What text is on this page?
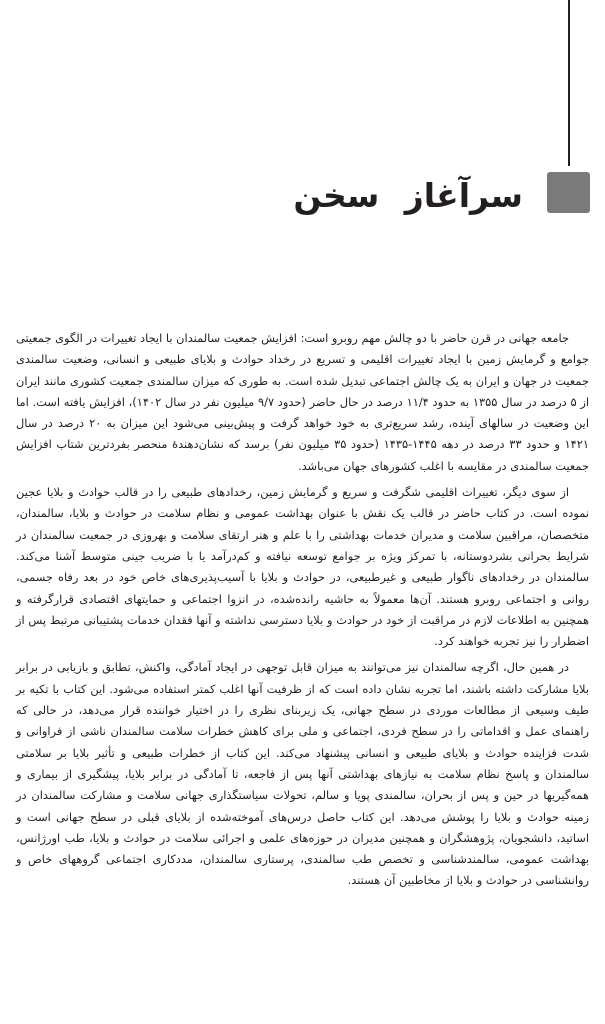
سرآغاز سخن

جامعه جهانی در قرن حاضر با دو چالش مهم روبرو است: افزایش جمعیت سالمندان با ایجاد تغییرات در الگوی جمعیتی جوامع و گرمایش زمین با ایجاد تغییرات اقلیمی و تسریع در رخداد حوادث و بلایای طبیعی و انسانی، وضعیت سالمندی جمعیت در جهان و ایران به یک چالش اجتماعی تبدیل شده است. به طوری که میزان سالمندی جمعیت کشوری مانند ایران از ۵ درصد در سال ۱۳۵۵ به حدود ۱۱/۴ درصد در حال حاضر (حدود ۹/۷ میلیون نفر در سال ۱۴۰۲)، افزایش یافته است. اما این وضعیت در سالهای آینده، رشد سریع‌تری به خود خواهد گرفت و پیش‌بینی می‌شود این میزان به ۲۰ درصد در سال ۱۴۲۱ و حدود ۳۳ درصد در دهه ۱۴۴۵-۱۴۳۵ (حدود ۳۵ میلیون نفر) برسد که نشان‌دهندهٔ منحصر بفردترین شتاب افزایش جمعیت سالمندی در مقایسه با اغلب کشورهای جهان می‌باشد.

از سوی دیگر، تغییرات اقلیمی شگرفت و سریع و گرمایش زمین، رخدادهای طبیعی را در قالب حوادث و بلایا عجین نموده است. در کتاب حاضر در قالب یک نقش با عنوان بهداشت عمومی و نظام سلامت در حوادث و بلایا، سالمندان، متخصصان، مراقبین سلامت و مدیران خدمات بهداشتی را با علم و هنر ارتقای سلامت و بهروزی در جمعیت سالمندان در شرایط بحرانی بشردوستانه، با تمرکز ویژه بر جوامع توسعه نیافته و کم‌درآمد یا با ضریب جینی متوسط آشنا می‌کند. سالمندان در رخدادهای ناگوار طبیعی و غیرطبیعی، در حوادث و بلایا با آسیب‌پذیری‌های خاص خود در بعد رفاه جسمی، روانی و اجتماعی روبرو هستند. آن‌ها معمولاً به حاشیه رانده‌شده، در انزوا اجتماعی و حمایتهای اقتصادی قرارگرفته و همچنین به اطلاعات لازم در مراقبت از خود در حوادث و بلایا دسترسی نداشته و آنها فقدان خدمات پشتیبانی مرتبط پس از اضطرار را نیز تجربه خواهند کرد.

در همین حال، اگرچه سالمندان نیز می‌توانند به میزان قابل توجهی در ایجاد آمادگی، واکنش، تطابق و بازیابی در برابر بلایا مشارکت داشته باشند، اما تجربه نشان داده است که از ظرفیت آنها اغلب کمتر استفاده می‌شود. این کتاب با تکیه بر طیف وسیعی از مطالعات موردی در سطح جهانی، یک زیربنای نظری را در اختیار خواننده قرار می‌دهد، در حالی که راهنمای عمل و اقداماتی را در سطح فردی، اجتماعی و ملی برای کاهش خطرات سلامت سالمندان ناشی از فراوانی و شدت فزاینده حوادث و بلایای طبیعی و انسانی پیشنهاد می‌کند. این کتاب از خطرات طبیعی و تأثیر بلایا بر سلامتی سالمندان و پاسخ نظام سلامت به نیازهای بهداشتی آنها پس از فاجعه، تا آمادگی در برابر بلایا، پیشگیری از بیماری و همه‌گیریها در حین و پس از بحران، سالمندی پویا و سالم، تحولات سیاستگذاری جهانی سلامت و مشارکت سالمندان در زمینه حوادث و بلایا را پوشش می‌دهد. این کتاب حاصل درس‌های آموخته‌شده از بلایای قبلی در سطح جهانی است و اساتید، دانشجویان، پژوهشگران و همچنین مدیران در حوزه‌های علمی و اجرائی سلامت در حوادث و بلایا، طب اورژانس، بهداشت عمومی، سالمندشناسی و تخصص طب سالمندی، پرستاری سالمندان، مددکاری اجتماعی گروههای خاص و روانشناسی در حوادث و بلایا از مخاطبین آن هستند.
